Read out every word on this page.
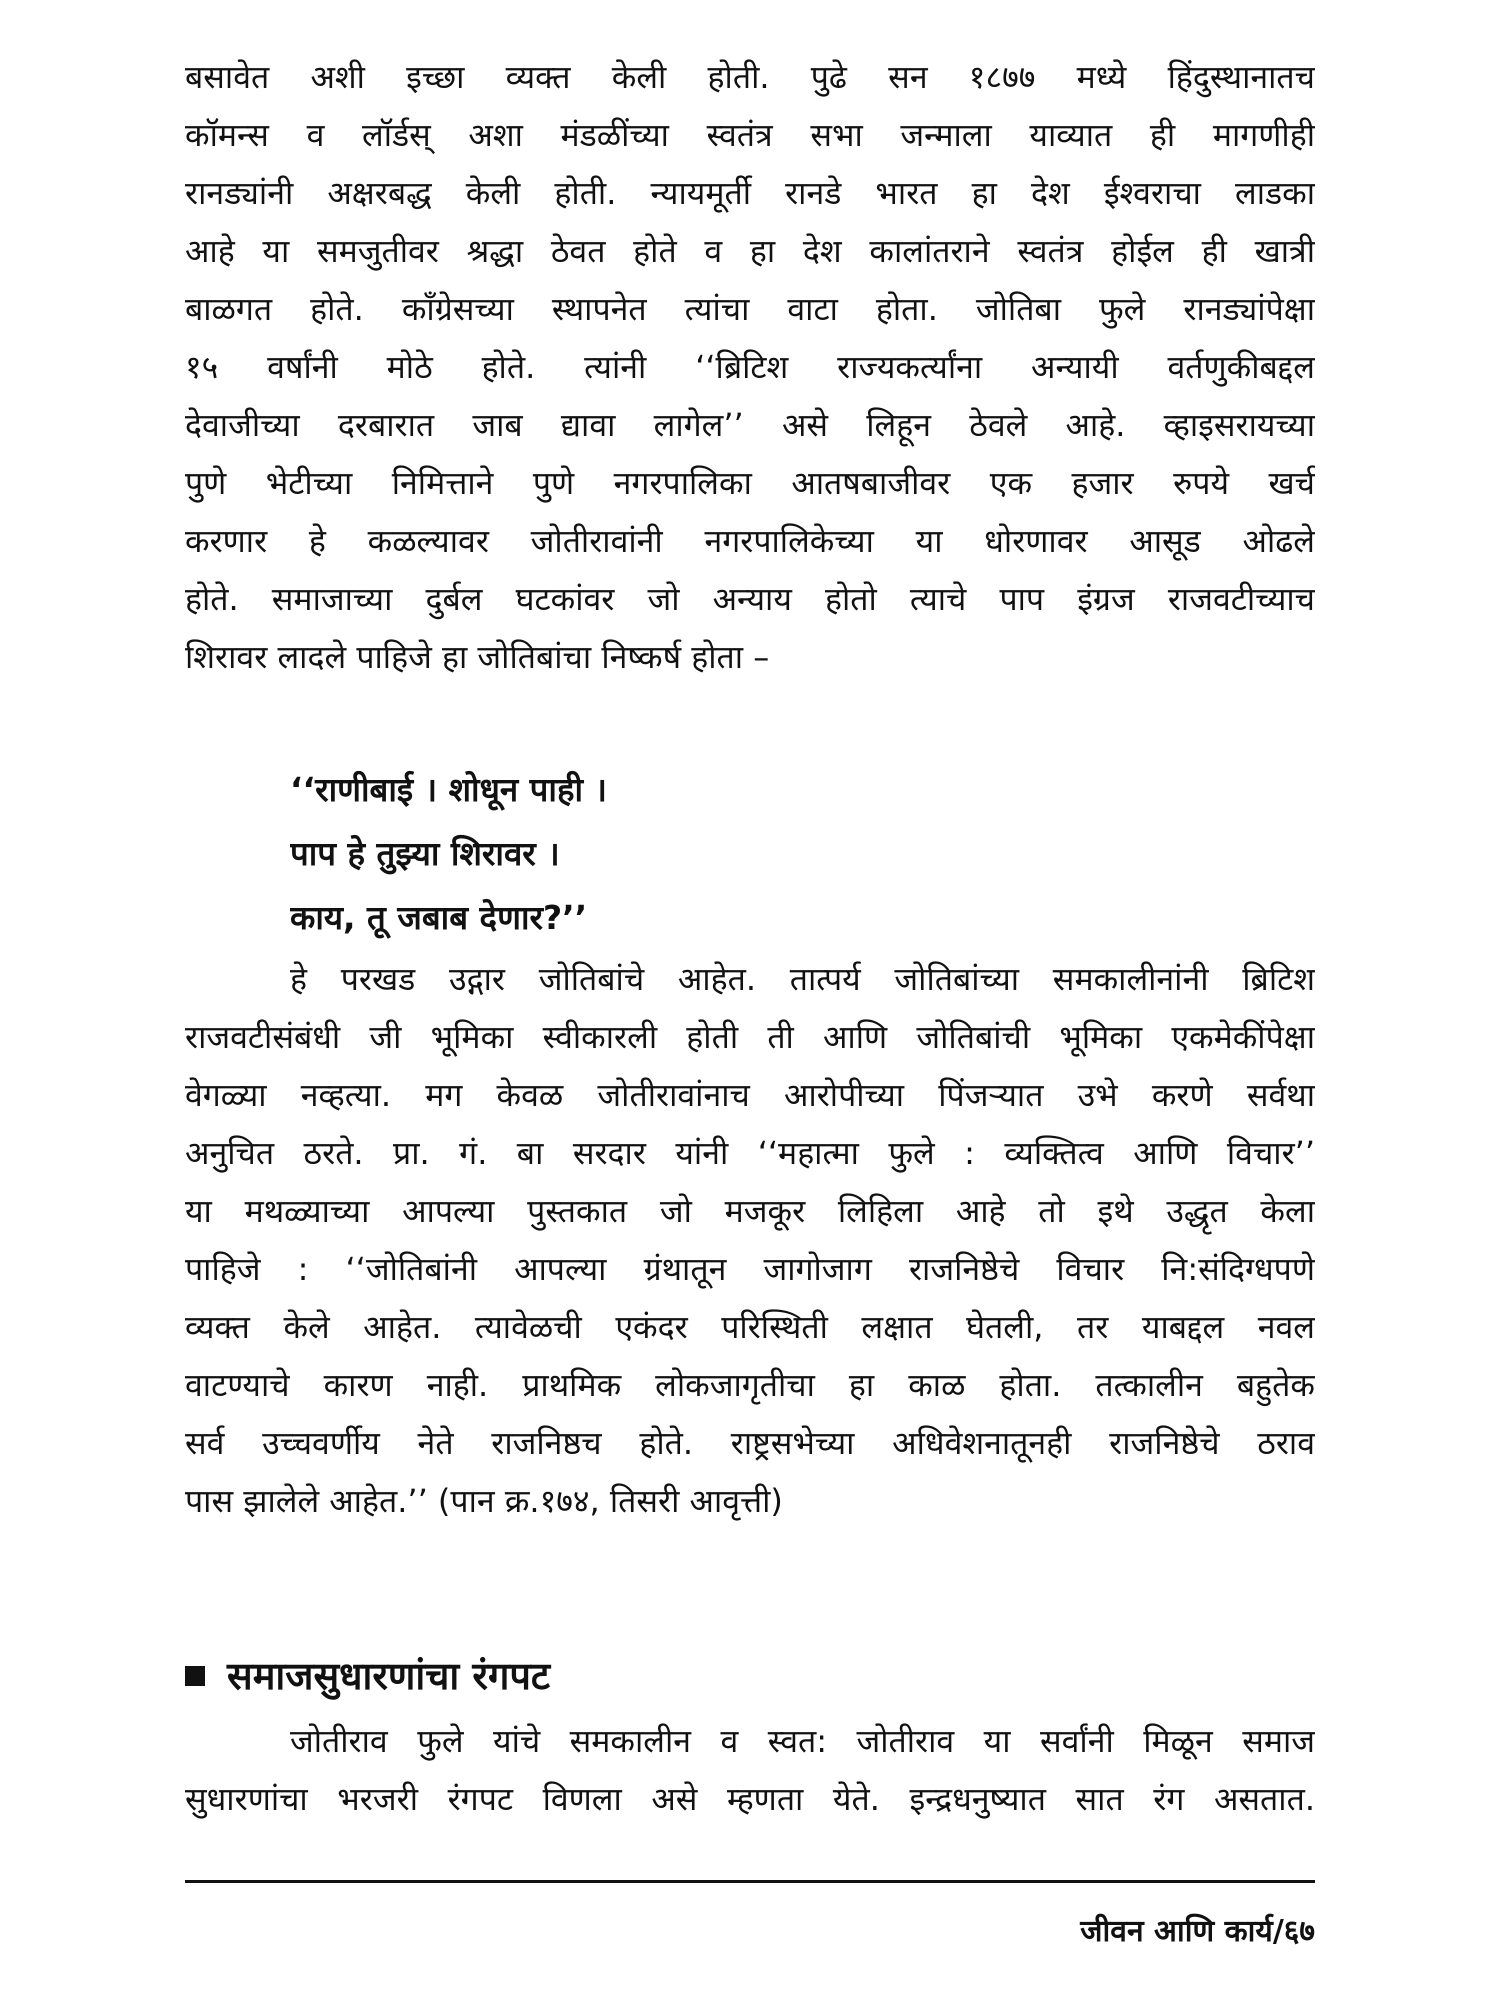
बसावेत अशी इच्छा व्यक्त केली होती. पुढे सन १८७७ मध्ये हिंदुस्थानातच
कॉमन्स व लॉर्डस् अशा मंडळींच्या स्वतंत्र सभा जन्माला याव्यात ही मागणीही
रानड्यांनी अक्षरबद्ध केली होती. न्यायमूर्ती रानडे भारत हा देश ईश्वराचा लाडका
आहे या समजुतीवर श्रद्धा ठेवत होते व हा देश कालांतराने स्वतंत्र होईल ही खात्री
बाळगत होते. काँग्रेसच्या स्थापनेत त्यांचा वाटा होता. जोतिबा फुले रानड्यांपेक्षा
१५ वर्षांनी मोठे होते. त्यांनी ‘‘ब्रिटिश राज्यकर्त्यांना अन्यायी वर्तणुकीबद्दल
देवाजीच्या दरबारात जाब द्यावा लागेल’’ असे लिहून ठेवले आहे. व्हाइसरायच्या
पुणे भेटीच्या निमित्ताने पुणे नगरपालिका आतषबाजीवर एक हजार रुपये खर्च
करणार हे कळल्यावर जोतीरावांनी नगरपालिकेच्या या धोरणावर आसूड ओढले
होते. समाजाच्या दुर्बल घटकांवर जो अन्याय होतो त्याचे पाप इंग्रज राजवटीच्याच
शिरावर लादले पाहिजे हा जोतिबांचा निष्कर्ष होता –
‘‘राणीबाई । शोधून पाही ।
पाप हे तुझ्या शिरावर ।
काय, तू जबाब देणार?’’
हे परखड उद्गार जोतिबांचे आहेत. तात्पर्य जोतिबांच्या समकालीनांनी ब्रिटिश
राजवटीसंबंधी जी भूमिका स्वीकारली होती ती आणि जोतिबांची भूमिका एकमेकींपेक्षा
वेगळ्या नव्हत्या. मग केवळ जोतीरावांनाच आरोपीच्या पिंजऱ्यात उभे करणे सर्वथा
अनुचित ठरते. प्रा. गं. बा सरदार यांनी ‘‘महात्मा फुले : व्यक्तित्व आणि विचार’’
या मथळ्याच्या आपल्या पुस्तकात जो मजकूर लिहिला आहे तो इथे उद्धृत केला
पाहिजे : ‘‘जोतिबांनी आपल्या ग्रंथातून जागोजाग राजनिष्ठेचे विचार नि:संदिग्धपणे
व्यक्त केले आहेत. त्यावेळची एकंदर परिस्थिती लक्षात घेतली, तर याबद्दल नवल
वाटण्याचे कारण नाही. प्राथमिक लोकजागृतीचा हा काळ होता. तत्कालीन बहुतेक
सर्व उच्चवर्णीय नेते राजनिष्ठच होते. राष्ट्रसभेच्या अधिवेशनातूनही राजनिष्ठेचे ठराव
पास झालेले आहेत.’’ (पान क्र.१७४, तिसरी आवृत्ती)
समाजसुधारणांचा रंगपट
जोतीराव फुले यांचे समकालीन व स्वत: जोतीराव या सर्वांनी मिळून समाज
सुधारणांचा भरजरी रंगपट विणला असे म्हणता येते. इन्द्रधनुष्यात सात रंग असतात.
जीवन आणि कार्य/६७
